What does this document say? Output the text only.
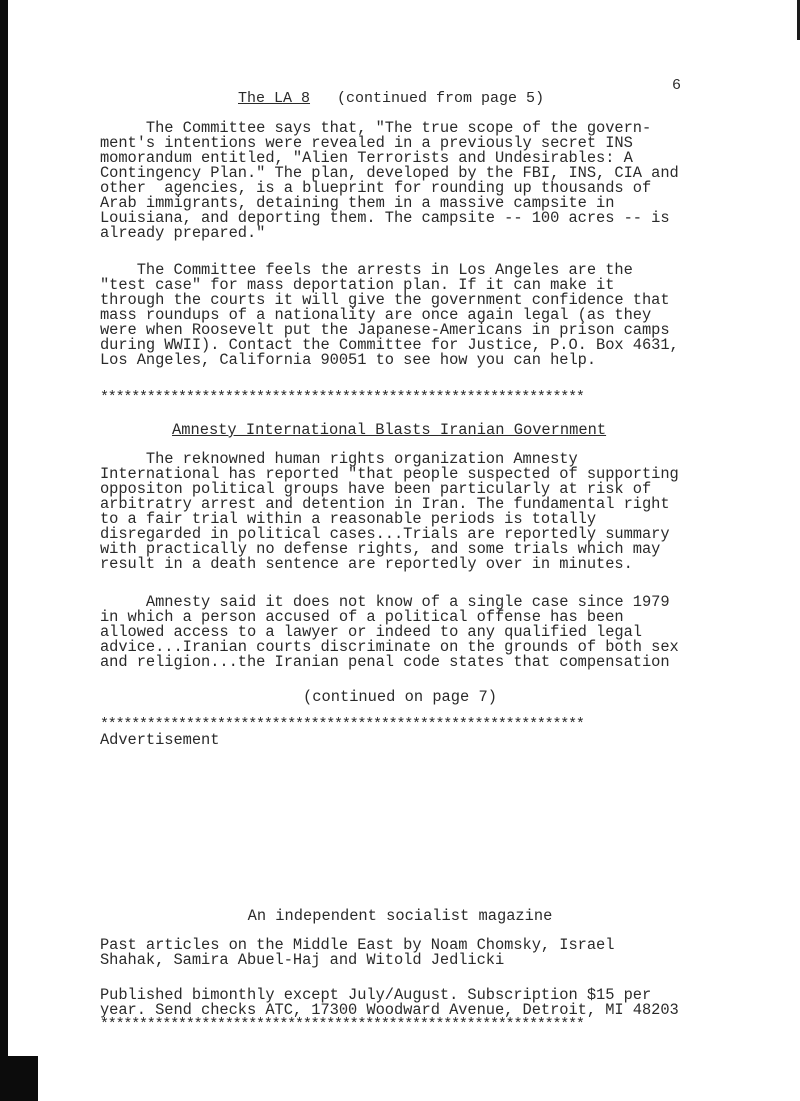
6
The LA 8 (continued from page 5)
The Committee says that, "The true scope of the govern-
ment's intentions were revealed in a previously secret INS
momorandum entitled, "Alien Terrorists and Undesirables: A
Contingency Plan." The plan, developed by the FBI, INS, CIA and
other  agencies, is a blueprint for rounding up thousands of
Arab immigrants, detaining them in a massive campsite in
Louisiana, and deporting them. The campsite -- 100 acres -- is
already prepared."
The Committee feels the arrests in Los Angeles are the
"test case" for mass deportation plan. If it can make it
through the courts it will give the government confidence that
mass roundups of a nationality are once again legal (as they
were when Roosevelt put the Japanese-Americans in prison camps
during WWII). Contact the Committee for Justice, P.O. Box 4631,
Los Angeles, California 90051 to see how you can help.
**************************************************************
Amnesty International Blasts Iranian Government
The reknowned human rights organization Amnesty
International has reported "that people suspected of supporting
oppositon political groups have been particularly at risk of
arbitratry arrest and detention in Iran. The fundamental right
to a fair trial within a reasonable periods is totally
disregarded in political cases...Trials are reportedly summary
with practically no defense rights, and some trials which may
result in a death sentence are reportedly over in minutes.
Amnesty said it does not know of a single case since 1979
in which a person accused of a political offense has been
allowed access to a lawyer or indeed to any qualified legal
advice...Iranian courts discriminate on the grounds of both sex
and religion...the Iranian penal code states that compensation
(continued on page 7)
**************************************************************
Advertisement
An independent socialist magazine
Past articles on the Middle East by Noam Chomsky, Israel
Shahak, Samira Abuel-Haj and Witold Jedlicki
Published bimonthly except July/August. Subscription $15 per
year. Send checks ATC, 17300 Woodward Avenue, Detroit, MI 48203
**************************************************************
